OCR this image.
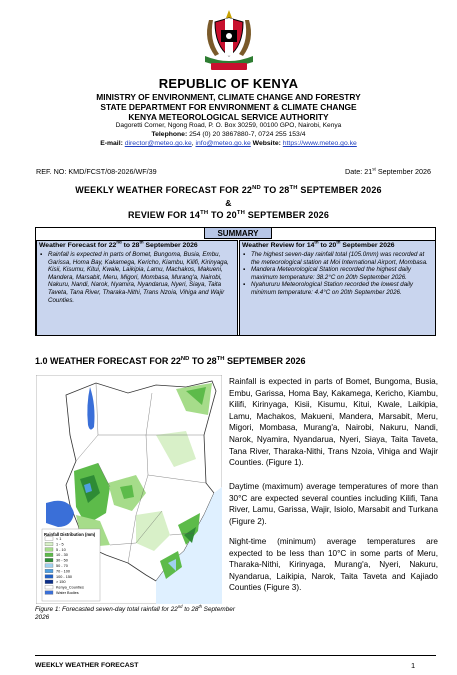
REPUBLIC OF KENYA
MINISTRY OF ENVIRONMENT, CLIMATE CHANGE AND FORESTRY
STATE DEPARTMENT FOR ENVIRONMENT & CLIMATE CHANGE
KENYA METEOROLOGICAL SERVICE AUTHORITY
Dagoretti Corner, Ngong Road, P. O. Box 30259, 00100 GPO, Nairobi, Kenya
Telephone: 254 (0) 20 3867880-7, 0724 255 153/4
E-mail: director@meteo.go.ke, info@meteo.go.ke Website: https://www.meteo.go.ke
REF. NO: KMD/FCST/08-2026/WF/39	Date: 21st September 2026
WEEKLY WEATHER FORECAST FOR 22ND TO 28TH SEPTEMBER 2026
&
REVIEW FOR 14TH TO 20TH SEPTEMBER 2026
Weather Forecast for 22nd to 28th September 2026
▪ Rainfall is expected in parts of Bomet, Bungoma, Busia, Embu, Garissa, Homa Bay, Kakamega, Kericho, Kiambu, Kilifi, Kirinyaga, Kisii, Kisumu, Kitui, Kwale, Laikipia, Lamu, Machakos, Makueni, Mandera, Marsabit, Meru, Migori, Mombasa, Murang'a, Nairobi, Nakuru, Nandi, Narok, Nyamira, Nyandarua, Nyeri, Siaya, Taita Taveta, Tana River, Tharaka-Nithi, Trans Nzoia, Vihiga and Wajir Counties.
Weather Review for 14th to 20th September 2026
▪ The highest seven-day rainfall total (105.0mm) was recorded at the meteorological station at Moi International Airport, Mombasa.
▪ Mandera Meteorological Station recorded the highest daily maximum temperature: 38.2°C on 20th September 2026.
▪ Nyahururu Meteorological Station recorded the lowest daily minimum temperature: 4.4°C on 20th September 2026.
SUMMARY
1.0 WEATHER FORECAST FOR 22ND TO 28TH SEPTEMBER 2026
Rainfall Distribution (mm)
< 1
1 - 5
5 - 10
10 - 30
30 - 50
50 - 70
70 - 100
100 - 150
> 150
Kenya_Counties
Water Bodies
Figure 1: Forecasted seven-day total rainfall for 22nd to 28th September 2026
Rainfall is expected in parts of Bomet, Bungoma, Busia, Embu, Garissa, Homa Bay, Kakamega, Kericho, Kiambu, Kilifi, Kirinyaga, Kisii, Kisumu, Kitui, Kwale, Laikipia, Lamu, Machakos, Makueni, Mandera, Marsabit, Meru, Migori, Mombasa, Murang'a, Nairobi, Nakuru, Nandi, Narok, Nyamira, Nyandarua, Nyeri, Siaya, Taita Taveta, Tana River, Tharaka-Nithi, Trans Nzoia, Vihiga and Wajir Counties. (Figure 1).
Daytime (maximum) average temperatures of more than 30°C are expected several counties including Kilifi, Tana River, Lamu, Garissa, Wajir, Isiolo, Marsabit and Turkana (Figure 2).
Night-time (minimum) average temperatures are expected to be less than 10°C in some parts of Meru, Tharaka-Nithi, Kirinyaga, Murang'a, Nyeri, Nakuru, Nyandarua, Laikipia, Narok, Taita Taveta and Kajiado Counties (Figure 3).
WEEKLY WEATHER FORECAST	1
